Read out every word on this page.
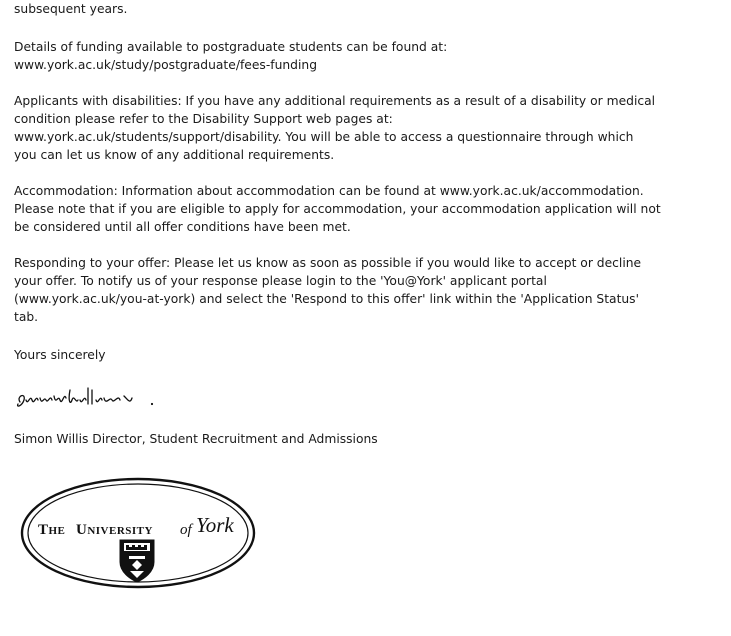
subsequent years.

Details of funding available to postgraduate students can be found at:
www.york.ac.uk/study/postgraduate/fees-funding

Applicants with disabilities: If you have any additional requirements as a result of a disability or medical
condition please refer to the Disability Support web pages at:
www.york.ac.uk/students/support/disability. You will be able to access a questionnaire through which
you can let us know of any additional requirements.

Accommodation: Information about accommodation can be found at www.york.ac.uk/accommodation.
Please note that if you are eligible to apply for accommodation, your accommodation application will not
be considered until all offer conditions have been met.

Responding to your offer: Please let us know as soon as possible if you would like to accept or decline
your offer. To notify us of your response please login to the 'You@York' applicant portal
(www.york.ac.uk/you-at-york) and select the 'Respond to this offer' link within the 'Application Status'
tab.

Yours sincerely

Simon Willis Director, Student Recruitment and Admissions

The University of York
